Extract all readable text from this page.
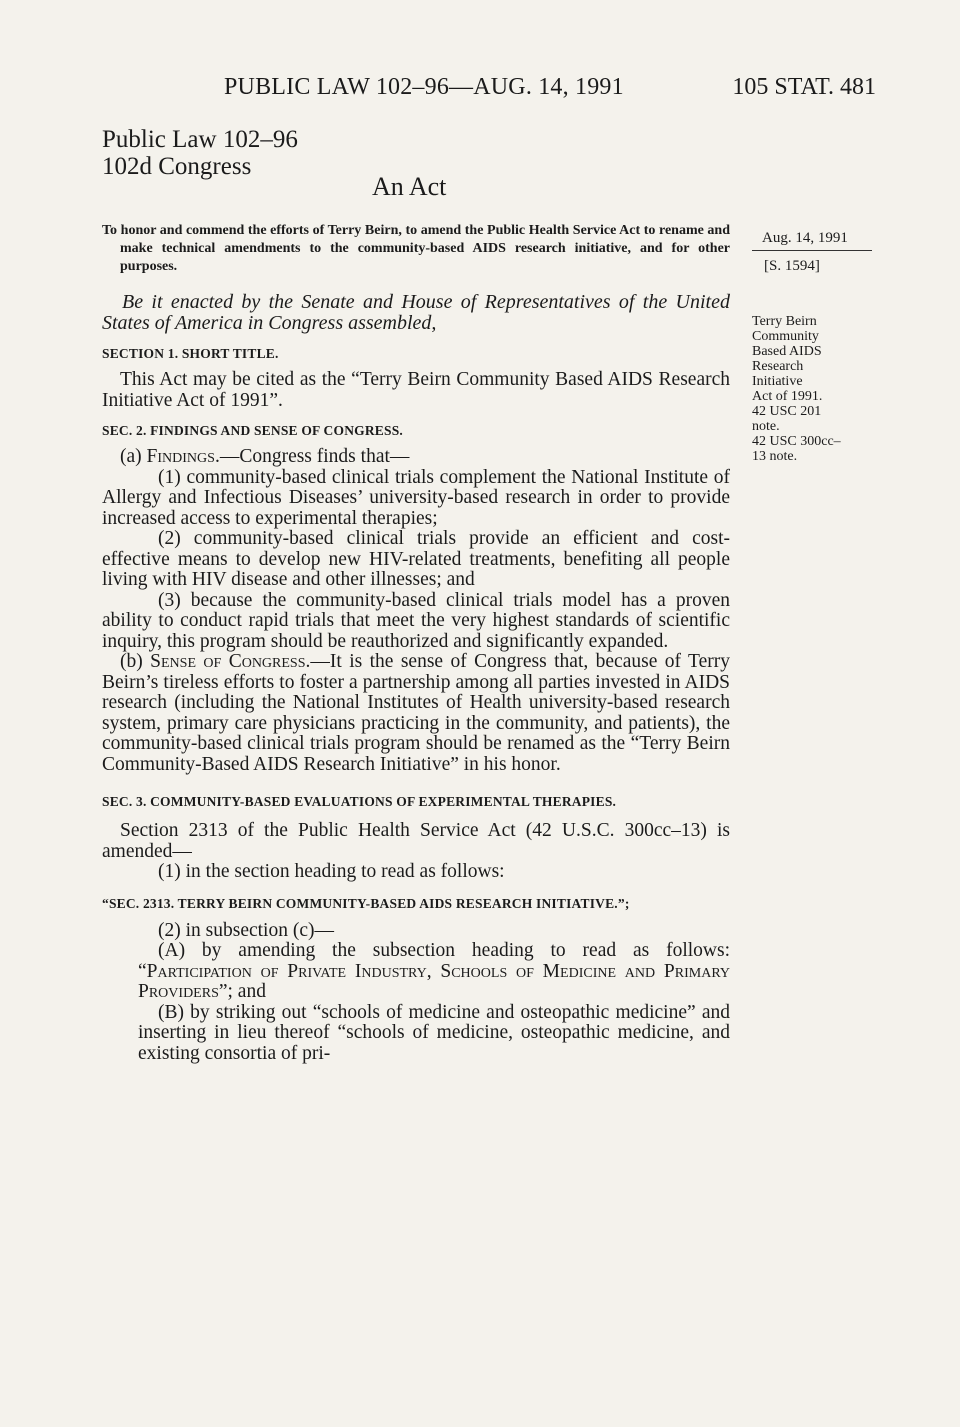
PUBLIC LAW 102–96—AUG. 14, 1991	105 STAT. 481
Public Law 102–96
102d Congress
An Act

To honor and commend the efforts of Terry Beirn, to amend the Public Health Service Act to rename and make technical amendments to the community-based AIDS research initiative, and for other purposes.

Be it enacted by the Senate and House of Representatives of the United States of America in Congress assembled,

SECTION 1. SHORT TITLE.

This Act may be cited as the “Terry Beirn Community Based AIDS Research Initiative Act of 1991”.

SEC. 2. FINDINGS AND SENSE OF CONGRESS.

(a) Findings.—Congress finds that—

(1) community-based clinical trials complement the National Institute of Allergy and Infectious Diseases’ university-based research in order to provide increased access to experimental therapies;

(2) community-based clinical trials provide an efficient and cost-effective means to develop new HIV-related treatments, benefiting all people living with HIV disease and other illnesses; and

(3) because the community-based clinical trials model has a proven ability to conduct rapid trials that meet the very highest standards of scientific inquiry, this program should be reauthorized and significantly expanded.

(b) Sense of Congress.—It is the sense of Congress that, because of Terry Beirn’s tireless efforts to foster a partnership among all parties invested in AIDS research (including the National Institutes of Health university-based research system, primary care physicians practicing in the community, and patients), the community-based clinical trials program should be renamed as the “Terry Beirn Community-Based AIDS Research Initiative” in his honor.

SEC. 3. COMMUNITY-BASED EVALUATIONS OF EXPERIMENTAL THERAPIES.

Section 2313 of the Public Health Service Act (42 U.S.C. 300cc–13) is amended—

(1) in the section heading to read as follows:

“SEC. 2313. TERRY BEIRN COMMUNITY-BASED AIDS RESEARCH INITIATIVE.”;

(2) in subsection (c)—

(A) by amending the subsection heading to read as follows: “Participation of Private Industry, Schools of Medicine and Primary Providers”; and

(B) by striking out “schools of medicine and osteopathic medicine” and inserting in lieu thereof “schools of medicine, osteopathic medicine, and existing consortia of pri-

Aug. 14, 1991
[S. 1594]
Terry Beirn
Community
Based AIDS
Research
Initiative
Act of 1991.
42 USC 201
note.
42 USC 300cc–
13 note.
